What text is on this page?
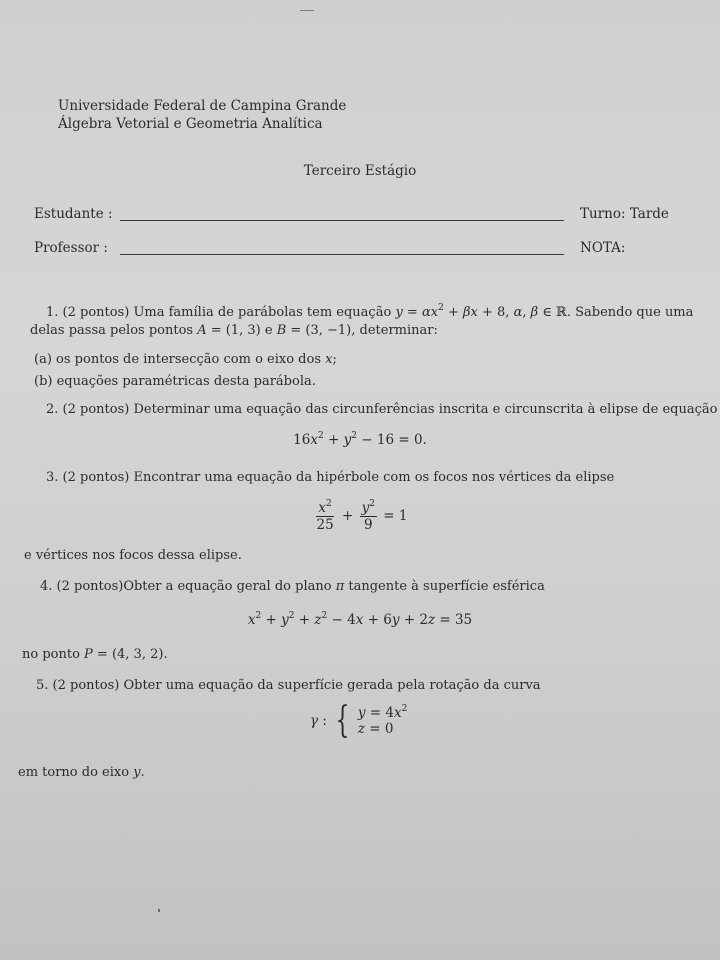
Universidade Federal de Campina Grande
Álgebra Vetorial e Geometria Analítica
Terceiro Estágio
Estudante :	Turno: Tarde
Professor :	NOTA:
1. (2 pontos) Uma família de parábolas tem equação $y = \alpha x^2 + \beta x + 8$, α, β ∈ ℝ. Sabendo que uma
delas passa pelos pontos A = (1, 3) e B = (3, −1), determinar:
(a) os pontos de intersecção com o eixo dos x;
(b) equações paramétricas desta parábola.
2. (2 pontos) Determinar uma equação das circunferências inscrita e circunscrita à elipse de equação
$16x^2 + y^2 - 16 = 0$.
3. (2 pontos) Encontrar uma equação da hipérbole com os focos nos vértices da elipse
$\frac{x^2}{25} + \frac{y^2}{9} = 1$
e vértices nos focos dessa elipse.
4. (2 pontos)Obter a equação geral do plano π tangente à superfície esférica
$x^2 + y^2 + z^2 - 4x + 6y + 2z = 35$
no ponto P = (4, 3, 2).
5. (2 pontos) Obter uma equação da superfície gerada pela rotação da curva
γ : { $y = 4x^2$
z = 0
em torno do eixo y.
